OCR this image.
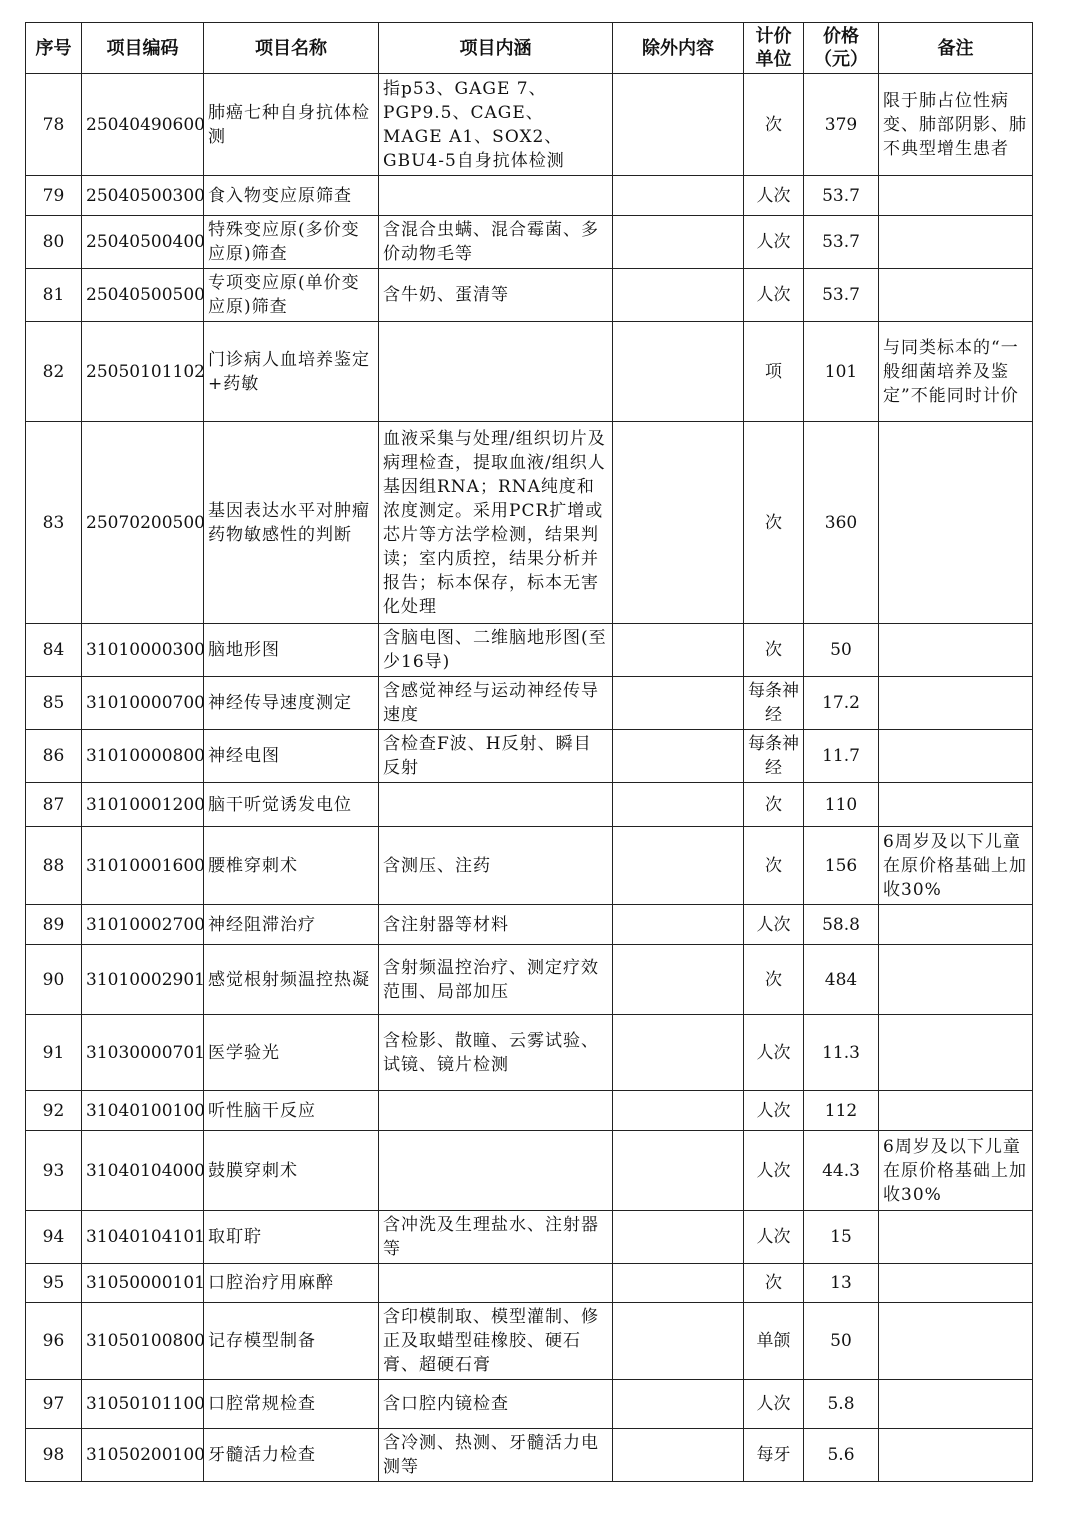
序号	项目编码	项目名称	项目内涵	除外内容	计价单位	价格（元）	备注
78	25040490600	肺癌七种自身抗体检测	指p53、GAGE 7、PGP9.5、CAGE、 MAGE A1、SOX2、GBU4-5自身抗体检测		次	379	限于肺占位性病变、肺部阴影、肺不典型增生患者
79	25040500300	食入物变应原筛查			人次	53.7	
80	25040500400	特殊变应原(多价变应原)筛查	含混合虫螨、混合霉菌、多价动物毛等		人次	53.7	
81	25040500500	专项变应原(单价变应原)筛查	含牛奶、蛋清等		人次	53.7	
82	25050101102	门诊病人血培养鉴定+药敏			项	101	与同类标本的“一般细菌培养及鉴定”不能同时计价
83	25070200500	基因表达水平对肿瘤药物敏感性的判断	血液采集与处理/组织切片及病理检查，提取血液/组织人基因组RNA；RNA纯度和浓度测定。采用PCR扩增或芯片等方法学检测，结果判读；室内质控，结果分析并报告；标本保存，标本无害化处理		次	360	
84	31010000300	脑地形图	含脑电图、二维脑地形图(至少16导)		次	50	
85	31010000700	神经传导速度测定	含感觉神经与运动神经传导速度		每条神经	17.2	
86	31010000800	神经电图	含检查F波、H反射、瞬目反射		每条神经	11.7	
87	31010001200	脑干听觉诱发电位			次	110	
88	31010001600	腰椎穿刺术	含测压、注药		次	156	6周岁及以下儿童在原价格基础上加收30%
89	31010002700	神经阻滞治疗	含注射器等材料		人次	58.8	
90	31010002901	感觉根射频温控热凝	含射频温控治疗、测定疗效范围、局部加压		次	484	
91	31030000701	医学验光	含检影、散瞳、云雾试验、试镜、镜片检测		人次	11.3	
92	31040100100	听性脑干反应			人次	112	
93	31040104000	鼓膜穿刺术			人次	44.3	6周岁及以下儿童在原价格基础上加收30%
94	31040104101	取耵聍	含冲洗及生理盐水、注射器等		人次	15	
95	31050000101	口腔治疗用麻醉			次	13	
96	31050100800	记存模型制备	含印模制取、模型灌制、修正及取蜡型硅橡胶、硬石膏、超硬石膏		单颌	50	
97	31050101100	口腔常规检查	含口腔内镜检查		人次	5.8	
98	31050200100	牙髓活力检查	含冷测、热测、牙髓活力电测等		每牙	5.6	
